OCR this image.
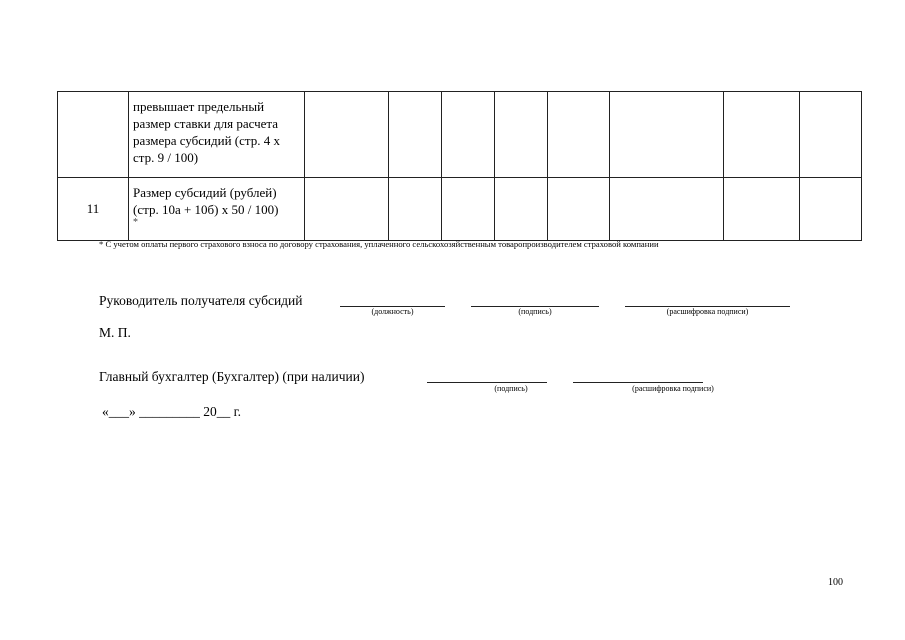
	превышает предельный размер ставки для расчета размера субсидий (стр. 4 х стр. 9 / 100)								
11	Размер субсидий (рублей) (стр. 10а + 10б) х 50 / 100)
*								

* С учетом оплаты первого страхового взноса по договору страхования, уплаченного сельскохозяйственным товаропроизводителем страховой компании
Руководитель получателя субсидий
(должность)	(подпись)	(расшифровка подписи)
М. П.
Главный бухгалтер (Бухгалтер) (при наличии)
(подпись)	(расшифровка подписи)
«___» _________ 20__ г.
100
